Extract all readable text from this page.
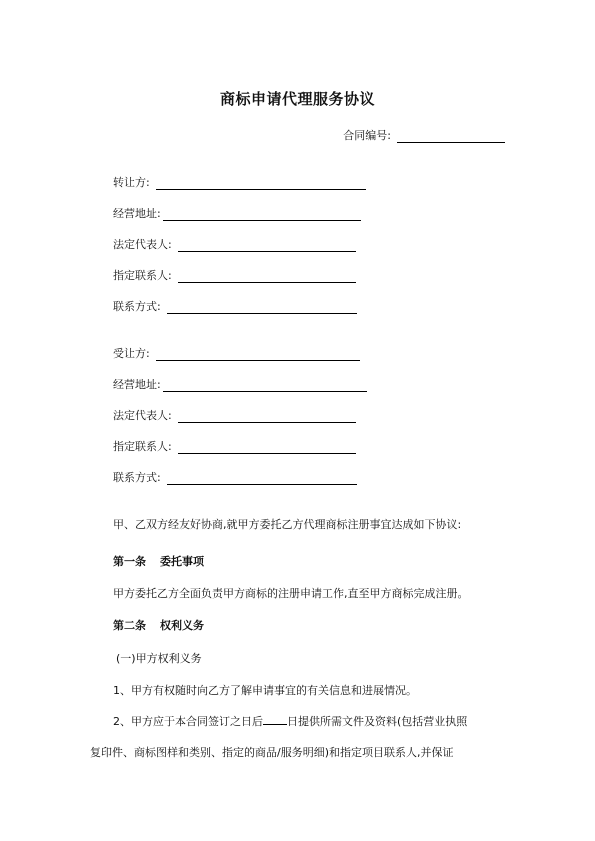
商标申请代理服务协议
合同编号:
转让方:
经营地址:
法定代表人:
指定联系人:
联系方式:
受让方:
经营地址:
法定代表人:
指定联系人:
联系方式:
甲、乙双方经友好协商,就甲方委托乙方代理商标注册事宜达成如下协议:
第一条 委托事项
甲方委托乙方全面负责甲方商标的注册申请工作,直至甲方商标完成注册。
第二条 权利义务
(一)甲方权利义务
1、甲方有权随时向乙方了解申请事宜的有关信息和进展情况。
2、甲方应于本合同签订之日后 日提供所需文件及资料(包括营业执照
复印件、商标图样和类别、指定的商品/服务明细)和指定项目联系人,并保证
